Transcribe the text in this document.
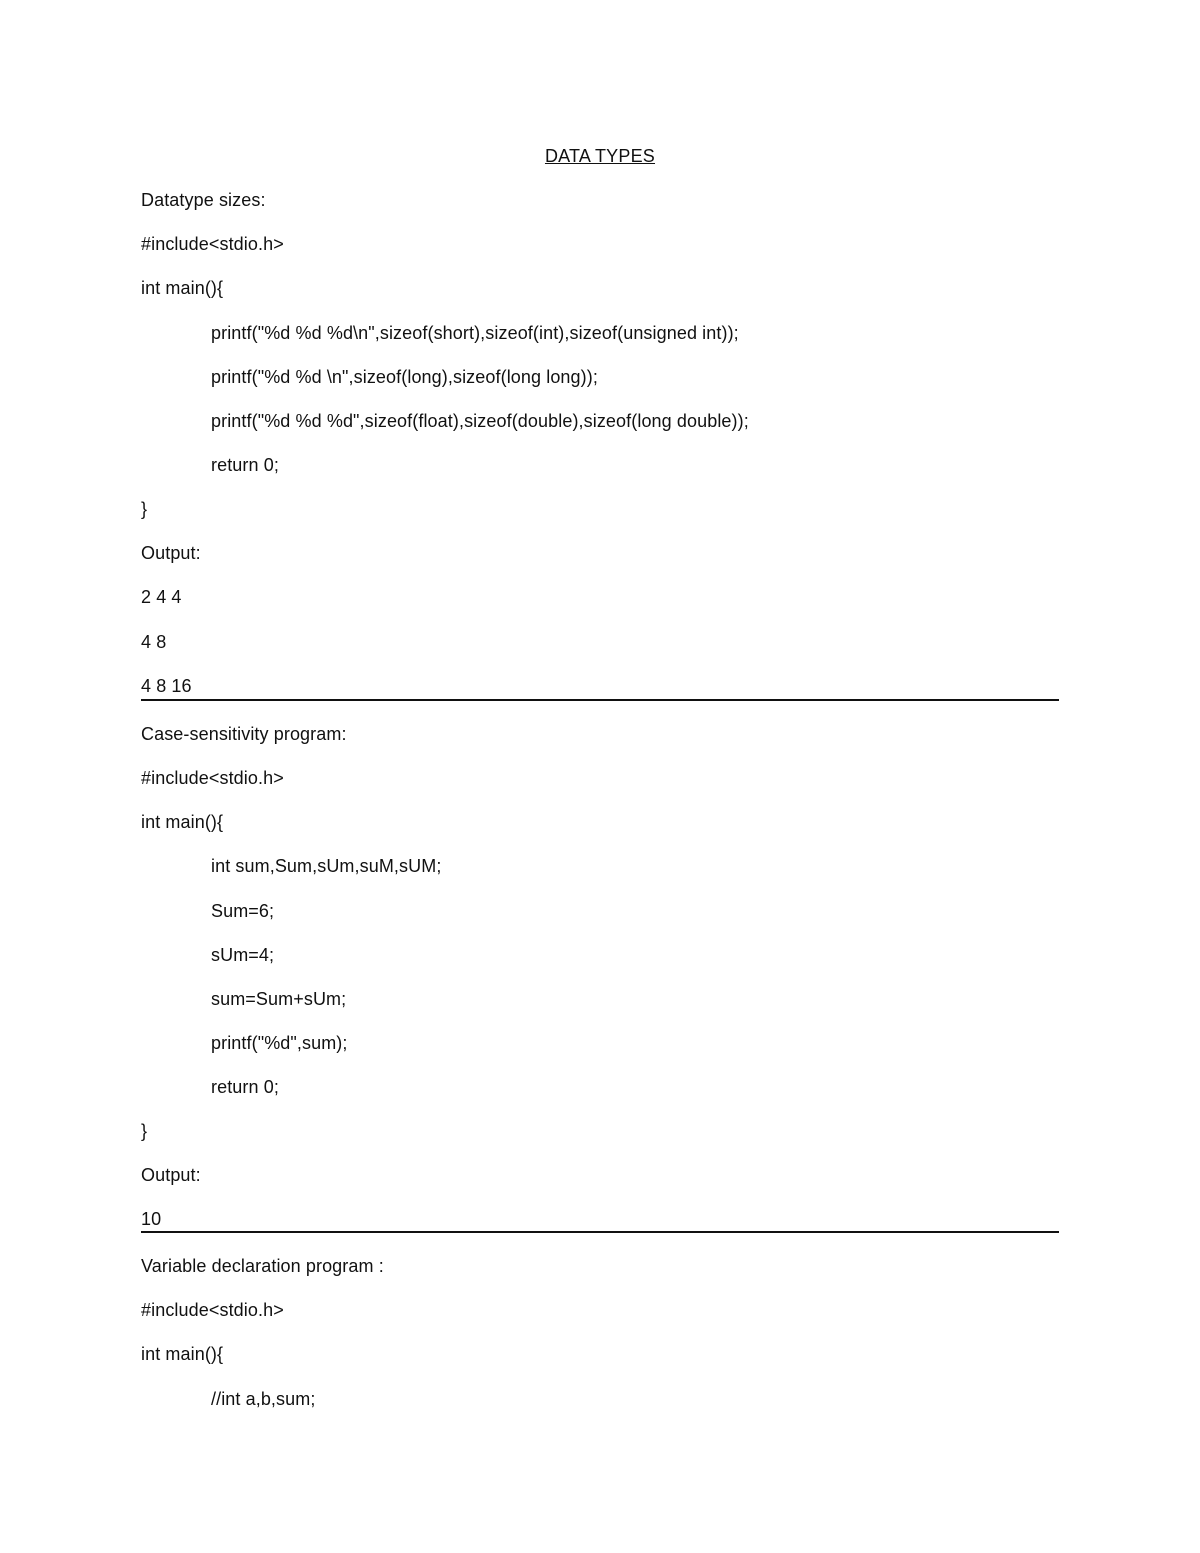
DATA TYPES
Datatype sizes:
#include<stdio.h>
int main(){
printf("%d %d %d\n",sizeof(short),sizeof(int),sizeof(unsigned int));
printf("%d %d \n",sizeof(long),sizeof(long long));
printf("%d %d %d",sizeof(float),sizeof(double),sizeof(long double));
return 0;
}
Output:
2 4 4
4 8
4 8 16
Case-sensitivity program:
#include<stdio.h>
int main(){
int sum,Sum,sUm,suM,sUM;
Sum=6;
sUm=4;
sum=Sum+sUm;
printf("%d",sum);
return 0;
}
Output:
10
Variable declaration program :
#include<stdio.h>
int main(){
//int a,b,sum;
